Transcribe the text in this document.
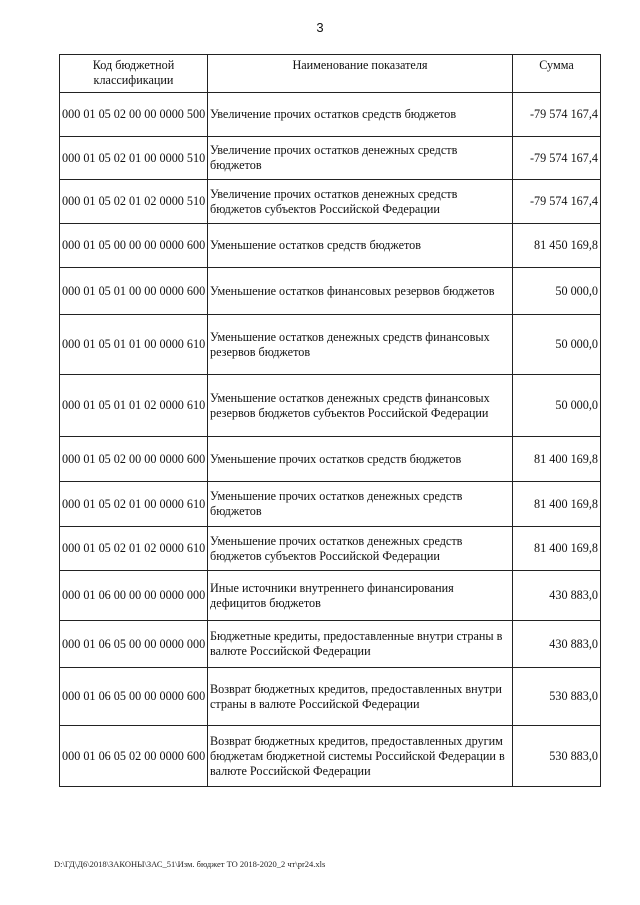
3
Код бюджетной классификации	Наименование показателя	Сумма
000 01 05 02 00 00 0000 500	Увеличение прочих остатков средств бюджетов	-79 574 167,4
000 01 05 02 01 00 0000 510	Увеличение прочих остатков денежных средств бюджетов	-79 574 167,4
000 01 05 02 01 02 0000 510	Увеличение прочих остатков денежных средств бюджетов субъектов Российской Федерации	-79 574 167,4
000 01 05 00 00 00 0000 600	Уменьшение остатков средств бюджетов	81 450 169,8
000 01 05 01 00 00 0000 600	Уменьшение остатков финансовых резервов бюджетов	50 000,0
000 01 05 01 01 00 0000 610	Уменьшение остатков денежных средств финансовых резервов бюджетов	50 000,0
000 01 05 01 01 02 0000 610	Уменьшение остатков денежных средств финансовых резервов бюджетов субъектов Российской Федерации	50 000,0
000 01 05 02 00 00 0000 600	Уменьшение прочих остатков средств бюджетов	81 400 169,8
000 01 05 02 01 00 0000 610	Уменьшение прочих остатков денежных средств бюджетов	81 400 169,8
000 01 05 02 01 02 0000 610	Уменьшение прочих остатков денежных средств бюджетов субъектов Российской Федерации	81 400 169,8
000 01 06 00 00 00 0000 000	Иные источники внутреннего финансирования дефицитов бюджетов	430 883,0
000 01 06 05 00 00 0000 000	Бюджетные кредиты, предоставленные внутри страны в валюте Российской Федерации	430 883,0
000 01 06 05 00 00 0000 600	Возврат бюджетных кредитов, предоставленных внутри страны в валюте Российской Федерации	530 883,0
000 01 06 05 02 00 0000 600	Возврат бюджетных кредитов, предоставленных другим бюджетам бюджетной системы Российской Федерации в валюте Российской Федерации	530 883,0
D:\ГД\Д6\2018\ЗАКОНЫ\ЗАС_51\Изм. бюджет ТО 2018-2020_2 чт\pr24.xls
